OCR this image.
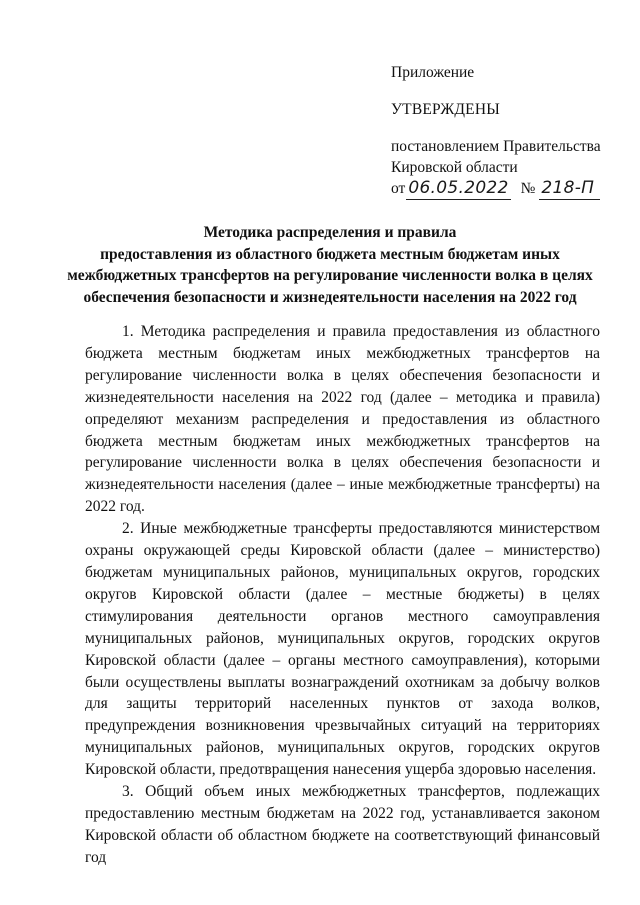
Приложение
УТВЕРЖДЕНЫ
постановлением Правительства
Кировской области
от 06.05.2022 № 218-П
Методика распределения и правила
предоставления из областного бюджета местным бюджетам иных
межбюджетных трансфертов на регулирование численности волка в целях
обеспечения безопасности и жизнедеятельности населения на 2022 год

1. Методика распределения и правила предоставления из областного бюджета местным бюджетам иных межбюджетных трансфертов на регулирование численности волка в целях обеспечения безопасности и жизнедеятельности населения на 2022 год (далее – методика и правила) определяют механизм распределения и предоставления из областного бюджета местным бюджетам иных межбюджетных трансфертов на регулирование численности волка в целях обеспечения безопасности и жизнедеятельности населения (далее – иные межбюджетные трансферты) на 2022 год.

2. Иные межбюджетные трансферты предоставляются министерством охраны окружающей среды Кировской области (далее – министерство) бюджетам муниципальных районов, муниципальных округов, городских округов Кировской области (далее – местные бюджеты) в целях стимулирования деятельности органов местного самоуправления муниципальных районов, муниципальных округов, городских округов Кировской области (далее – органы местного самоуправления), которыми были осуществлены выплаты вознаграждений охотникам за добычу волков для защиты территорий населенных пунктов от захода волков, предупреждения возникновения чрезвычайных ситуаций на территориях муниципальных районов, муниципальных округов, городских округов Кировской области, предотвращения нанесения ущерба здоровью населения.

3. Общий объем иных межбюджетных трансфертов, подлежащих предоставлению местным бюджетам на 2022 год, устанавливается законом Кировской области об областном бюджете на соответствующий финансовый год
